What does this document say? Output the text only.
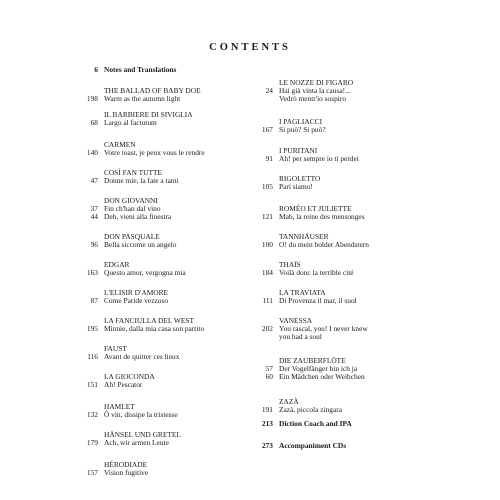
CONTENTS
6 Notes and Translations
THE BALLAD OF BABY DOE
198 Warm as the autumn light
IL BARBIERE DI SIVIGLIA
68 Largo al factotum
CARMEN
140 Votre toast, je peux vous le rendre
COSÌ FAN TUTTE
47 Donne mie, la fate a tanti
DON GIOVANNI
37 Fin ch'han dal vino
44 Deh, vieni alla finestra
DON PASQUALE
96 Bella siccome un angelo
EDGAR
163 Questo amor, vergogna mia
L'ELISIR D'AMORE
87 Come Paride vezzoso
LA FANCIULLA DEL WEST
195 Minnie, dalla mia casa son partito
FAUST
116 Avant de quitter ces lieux
LA GIOCONDA
151 Ah! Pescator
HAMLET
132 Ô vin, dissipe la tristesse
HÄNSEL UND GRETEL
179 Ach, wir armen Leute
HÉRODIADE
157 Vision fugitive
LE NOZZE DI FIGARO
24 Hai già vinta la causa!...
Vedrò mentr'io sospiro
I PAGLIACCI
167 Si può? Si può?
I PURITANI
91 Ah! per sempre io ti perdei
RIGOLETTO
105 Pari siamo!
ROMÉO ET JULIETTE
121 Mab, la reine des mensonges
TANNHÄUSER
100 O! du mein holder Abendstern
THAÏS
184 Voilà donc la terrible cité
LA TRAVIATA
111 Di Provenza il mar, il suol
VANESSA
202 You rascal, you! I never knew
you had a soul
DIE ZAUBERFLÖTE
57 Der Vogelfänger bin ich ja
60 Ein Mädchen oder Weibchen
ZAZÀ
191 Zazà, piccola zingara
213 Diction Coach and IPA
273 Accompaniment CDs
